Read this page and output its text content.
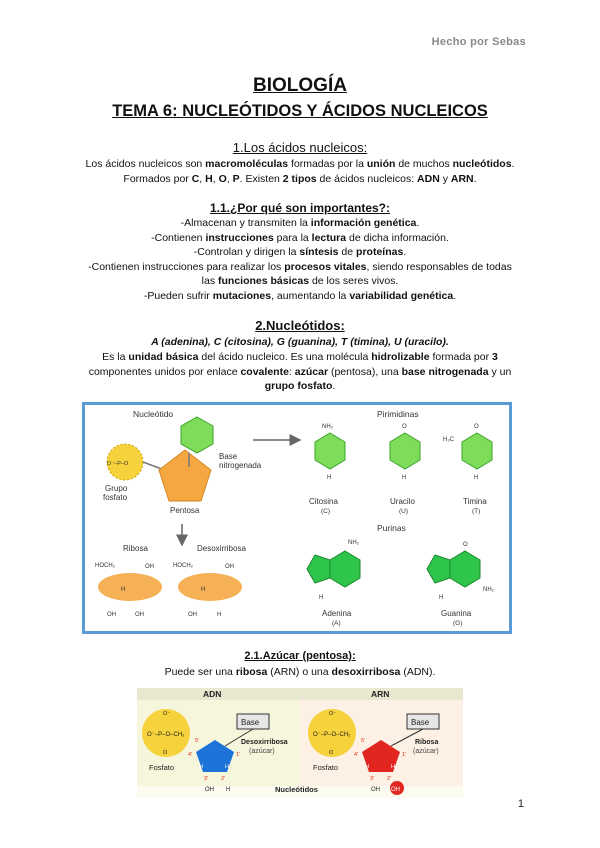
Hecho por Sebas
BIOLOGÍA
TEMA 6: NUCLEÓTIDOS Y ÁCIDOS NUCLEICOS

1.Los ácidos nucleicos:

Los ácidos nucleicos son macromoléculas formadas por la unión de muchos nucleótidos.

Formados por C, H, O, P. Existen 2 tipos de ácidos nucleicos: ADN y ARN.

1.1.¿Por qué son importantes?:

-Almacenan y transmiten la información genética.

-Contienen instrucciones para la lectura de dicha información.

-Controlan y dirigen la síntesis de proteínas.

-Contienen instrucciones para realizar los procesos vitales, siendo responsables de todas

las funciones básicas de los seres vivos.

-Pueden sufrir mutaciones, aumentando la variabilidad genética.

2.Nucleótidos:

A (adenina), C (citosina), G (guanina), T (timina), U (uracilo).

Es la unidad básica del ácido nucleico. Es una molécula hidrolizable formada por 3

componentes unidos por enlace covalente: azúcar (pentosa), una base nitrogenada y un

grupo fosfato.

Nucleótido
O⁻–P–O
Base
nitrogenada
Grupo
fosfato
Pentosa
Ribosa	Desoxirribosa
HOCH₂	HOCH₂
OH	OH
OH	OH	OH	H
H	H
Pirimidinas
NH₂	O	O
H₃C
H	H	H
Citosina
(C)
Uracilo
(U)
Timina
(T)
Purinas
NH₂	O
NH₂
H	H
Adenina
(A)
Guanina
(G)

2.1.Azúcar (pentosa):

Puede ser una ribosa (ARN) o una desoxirribosa (ADN).

ADN	ARN
O⁻–P–O–CH₂
O⁻
O
Fosfato
Base
5'
4'	1'
3' 2'
H	H
OH H
Desoxirribosa
(azúcar)
O⁻–P–O–CH₂
O⁻
O
Fosfato
Base
5'
4'	1'
3' 2'
H	H
OH OH
Ribosa
(azúcar)
Nucleótidos
1
